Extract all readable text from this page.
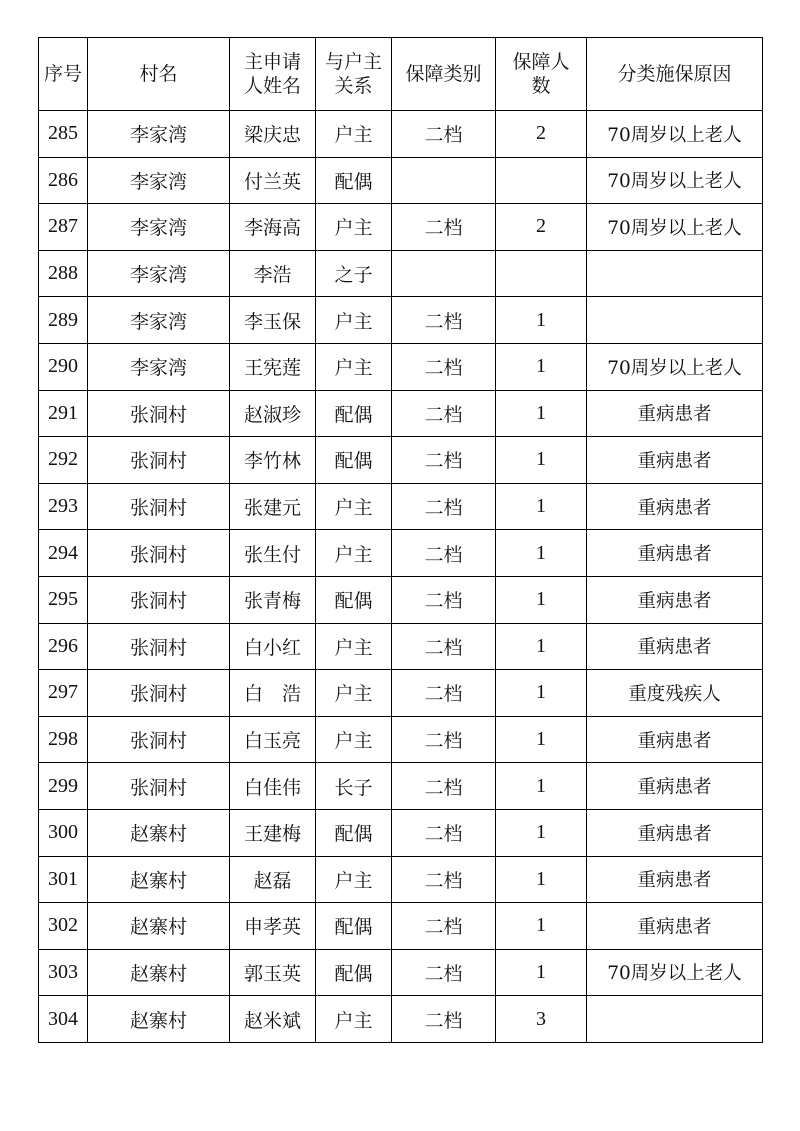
序号	村名	主申请人姓名	与户主关系	保障类别	保障人数	分类施保原因
285	李家湾	梁庆忠	户主	二档	2	70周岁以上老人
286	李家湾	付兰英	配偶			70周岁以上老人
287	李家湾	李海高	户主	二档	2	70周岁以上老人
288	李家湾	李浩	之子			
289	李家湾	李玉保	户主	二档	1	
290	李家湾	王宪莲	户主	二档	1	70周岁以上老人
291	张洞村	赵淑珍	配偶	二档	1	重病患者
292	张洞村	李竹林	配偶	二档	1	重病患者
293	张洞村	张建元	户主	二档	1	重病患者
294	张洞村	张生付	户主	二档	1	重病患者
295	张洞村	张青梅	配偶	二档	1	重病患者
296	张洞村	白小红	户主	二档	1	重病患者
297	张洞村	白　浩	户主	二档	1	重度残疾人
298	张洞村	白玉亮	户主	二档	1	重病患者
299	张洞村	白佳伟	长子	二档	1	重病患者
300	赵寨村	王建梅	配偶	二档	1	重病患者
301	赵寨村	赵磊	户主	二档	1	重病患者
302	赵寨村	申孝英	配偶	二档	1	重病患者
303	赵寨村	郭玉英	配偶	二档	1	70周岁以上老人
304	赵寨村	赵米斌	户主	二档	3	
